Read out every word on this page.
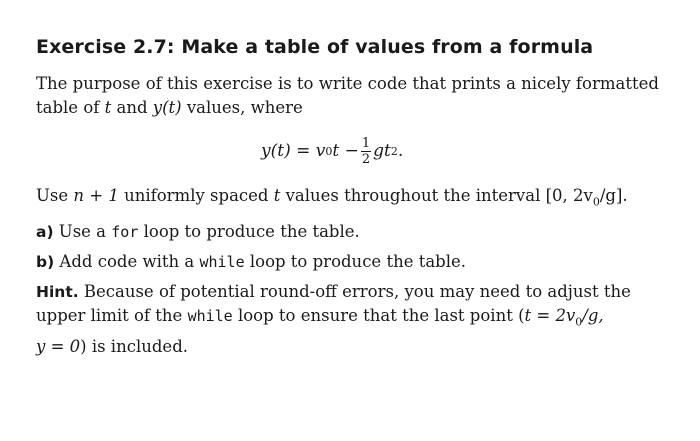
Exercise 2.7: Make a table of values from a formula

The purpose of this exercise is to write code that prints a nicely formatted
table of t and y(t) values, where

y(t) = v 0 $t - \frac{1}{2}$ gt 2 .

Use n + 1 uniformly spaced t values throughout the interval [0, $2v_0/g$].

a) Use a for loop to produce the table.

b) Add code with a while loop to produce the table.

Hint. Because of potential round-off errors, you may need to adjust the
upper limit of the while loop to ensure that the last point ($t = 2v_0/g$,
y = 0) is included.
